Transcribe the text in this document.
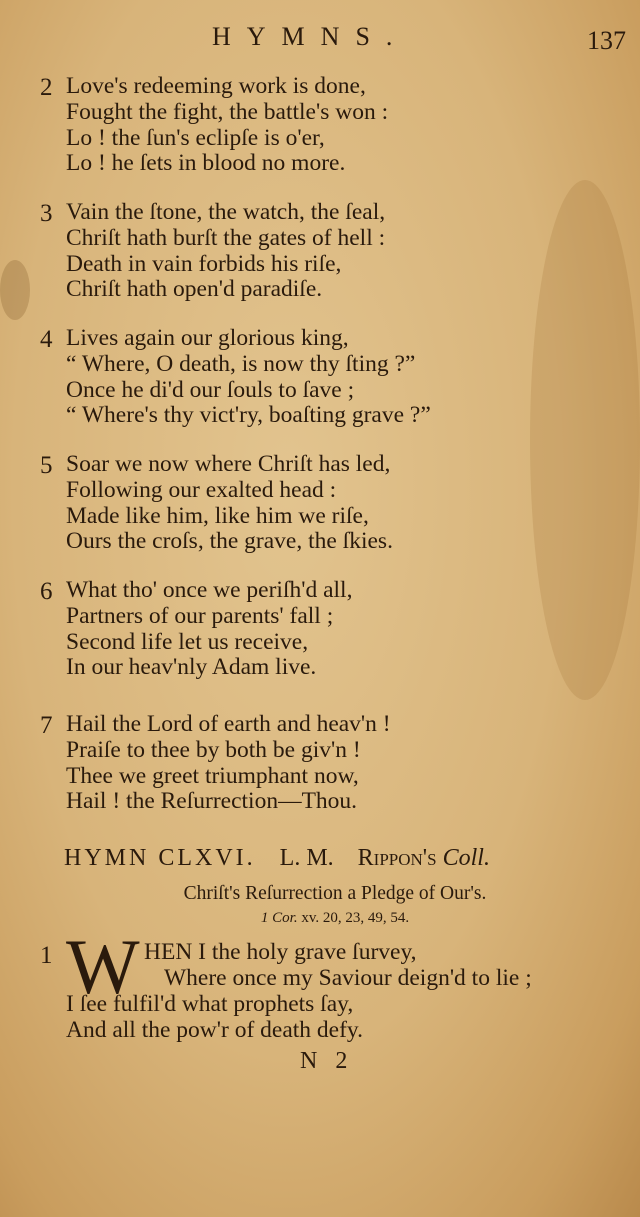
HYMNS.	137
2 Love's redeeming work is done,
Fought the fight, the battle's won :
Lo ! the ſun's eclipſe is o'er,
Lo ! he ſets in blood no more.
3 Vain the ſtone, the watch, the ſeal,
Chriſt hath burſt the gates of hell :
Death in vain forbids his riſe,
Chriſt hath open'd paradiſe.
4 Lives again our glorious king,
“ Where, O death, is now thy ſting ?”
Once he di'd our ſouls to ſave ;
“ Where's thy vict'ry, boaſting grave ?”
5 Soar we now where Chriſt has led,
Following our exalted head :
Made like him, like him we riſe,
Ours the croſs, the grave, the ſkies.
6 What tho' once we periſh'd all,
Partners of our parents' fall ;
Second life let us receive,
In our heav'nly Adam live.
7 Hail the Lord of earth and heav'n !
Praiſe to thee by both be giv'n !
Thee we greet triumphant now,
Hail ! the Reſurrection—Thou.
HYMN CLXVI. L. M. Rippon's Coll.
Chriſt's Reſurrection a Pledge of Our's.
1 Cor. xv. 20, 23, 49, 54.
1 W HEN I the holy grave ſurvey,
Where once my Saviour deign'd to lie ;
I ſee fulfil'd what prophets ſay,
And all the pow'r of death defy.
N 2
